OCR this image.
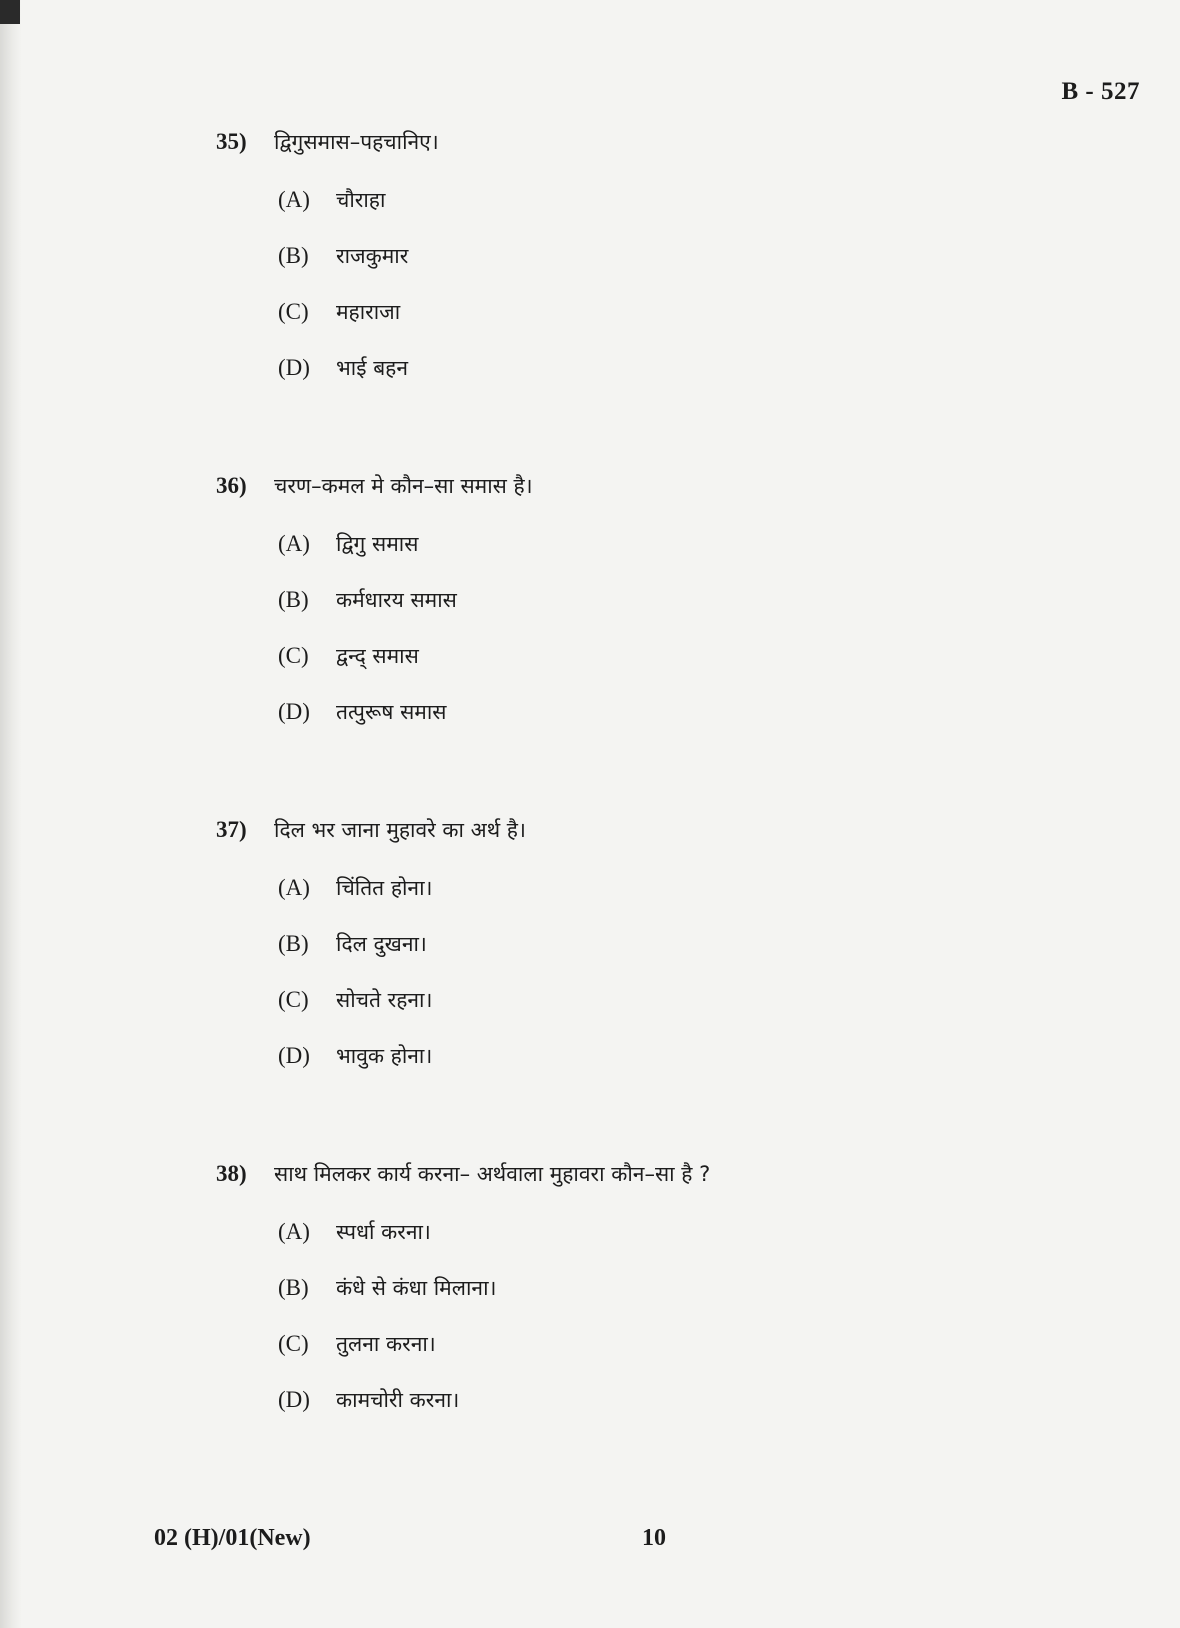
B - 527
35)	द्विगुसमास–पहचानिए।
(A)	चौराहा
(B)	राजकुमार
(C)	महाराजा
(D)	भाई बहन
36)	चरण–कमल मे कौन–सा समास है।
(A)	द्विगु समास
(B)	कर्मधारय समास
(C)	द्वन्द् समास
(D)	तत्पुरूष समास
37)	दिल भर जाना मुहावरे का अर्थ है।
(A)	चिंतित होना।
(B)	दिल दुखना।
(C)	सोचते रहना।
(D)	भावुक होना।
38)	साथ मिलकर कार्य करना– अर्थवाला मुहावरा कौन–सा है ?
(A)	स्पर्धा करना।
(B)	कंधे से कंधा मिलाना।
(C)	तुलना करना।
(D)	कामचोरी करना।
02 (H)/01(New)	10
